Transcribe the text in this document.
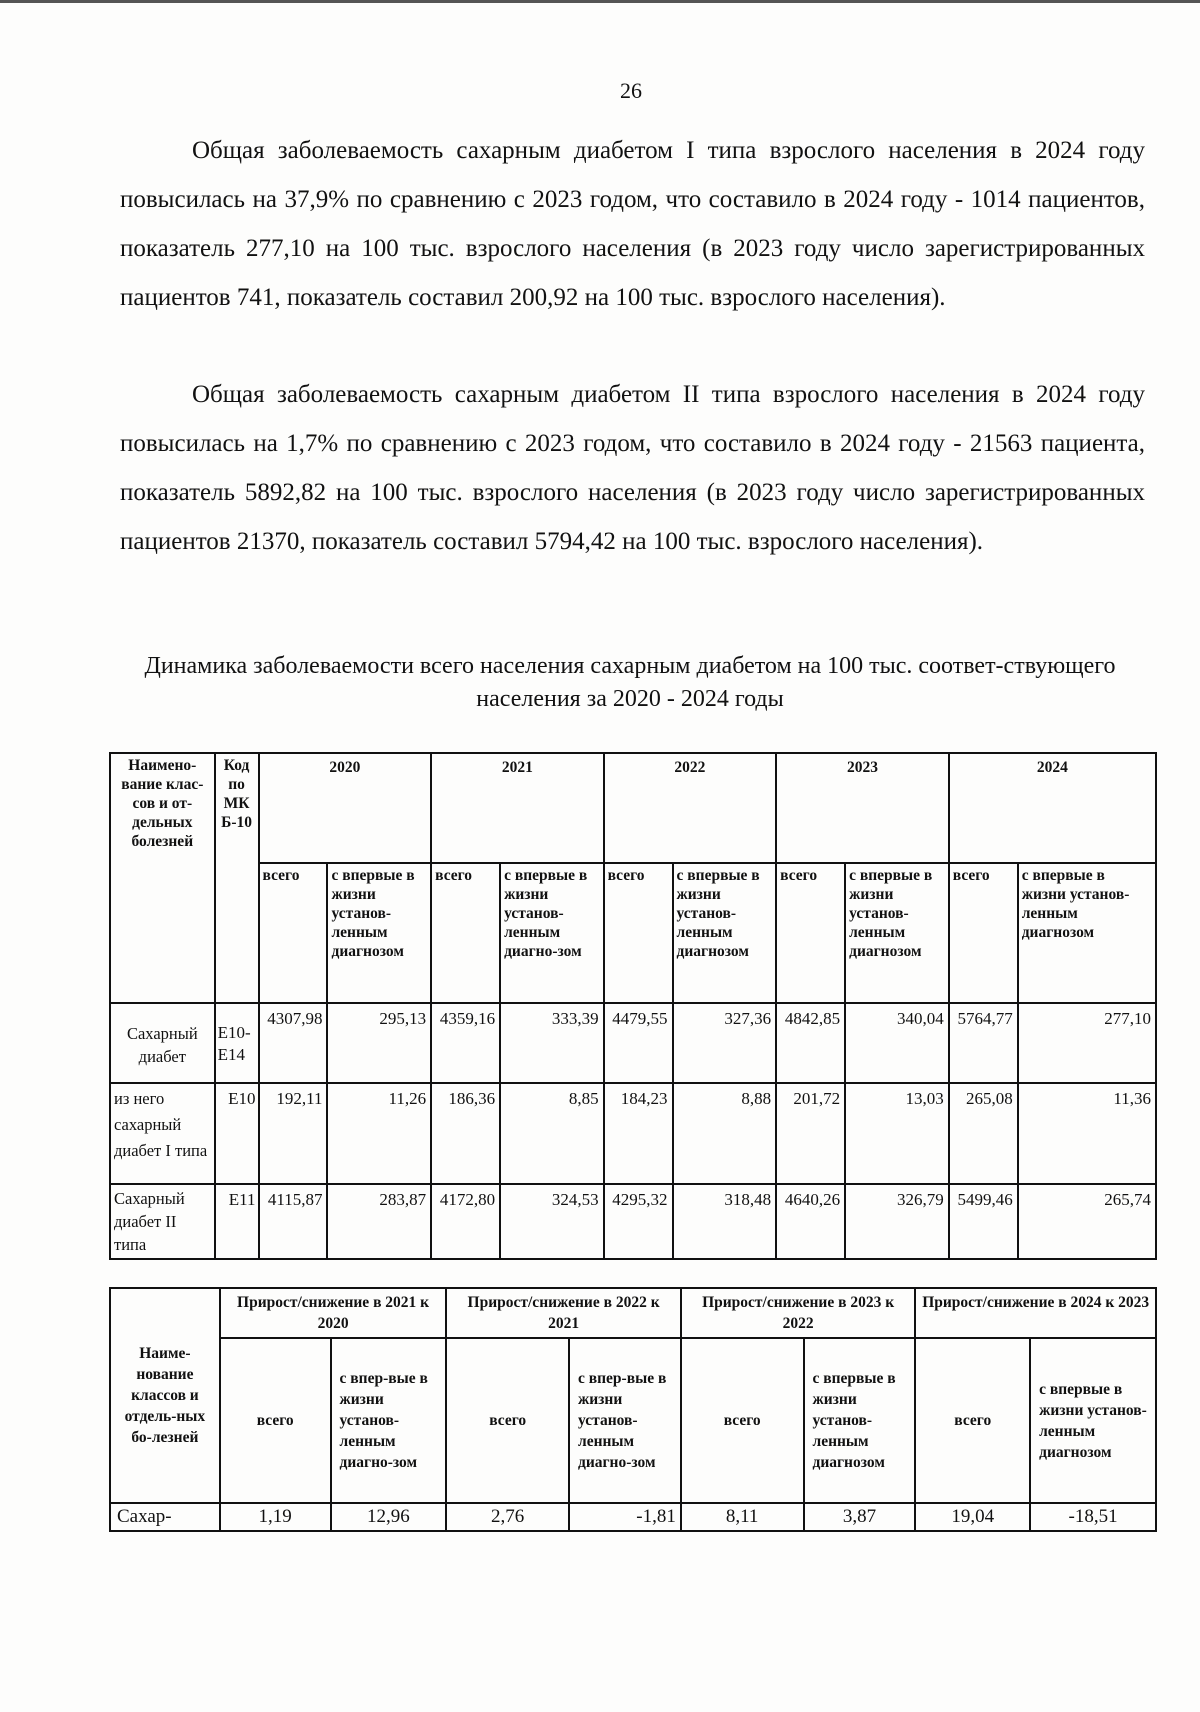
26

Общая заболеваемость сахарным диабетом I типа взрослого населения в 2024 году повысилась на 37,9% по сравнению с 2023 годом, что составило в 2024 году - 1014 пациентов, показатель 277,10 на 100 тыс. взрослого населения (в 2023 году число зарегистрированных пациентов 741, показатель составил 200,92 на 100 тыс. взрослого населения).

Общая заболеваемость сахарным диабетом II типа взрослого населения в 2024 году повысилась на 1,7% по сравнению с 2023 годом, что составило в 2024 году - 21563 пациента, показатель 5892,82 на 100 тыс. взрослого населения (в 2023 году число зарегистрированных пациентов 21370, показатель составил 5794,42 на 100 тыс. взрослого населения).

Динамика заболеваемости всего населения сахарным диабетом на 100 тыс. соответ-ствующего населения за 2020 - 2024 годы
Наимено-вание клас-сов и от-дельных болезней	Код по МК Б-10	2020		2021		2022		2023		2024	
		всего	с впервые в жизни установ-ленным диагнозом	всего	с впервые в жизни установ-ленным диагно-зом	всего	с впервые в жизни установ-ленным диагнозом	всего	с впервые в жизни установ-ленным диагнозом	всего	с впервые в жизни установ-ленным диагнозом
Сахарный диабет	E10-E14	4307,98	295,13	4359,16	333,39	4479,55	327,36	4842,85	340,04	5764,77	277,10
из него сахарный диабет I типа	E10	192,11	11,26	186,36	8,85	184,23	8,88	201,72	13,03	265,08	11,36
Сахарный диабет II типа	E11	4115,87	283,87	4172,80	324,53	4295,32	318,48	4640,26	326,79	5499,46	265,74
Наиме-нование классов и отдель-ных бо-лезней	Прирост/снижение в 2021 к 2020		Прирост/снижение в 2022 к 2021		Прирост/снижение в 2023 к 2022		Прирост/снижение в 2024 к 2023	
	всего	с впер-вые в жизни установ-ленным диагно-зом	всего	с впер-вые в жизни установ-ленным диагно-зом	всего	с впервые в жизни установ-ленным диагнозом	всего	с впервые в жизни установ-ленным диагнозом
Сахар-	1,19	12,96	2,76	-1,81	8,11	3,87	19,04	-18,51
